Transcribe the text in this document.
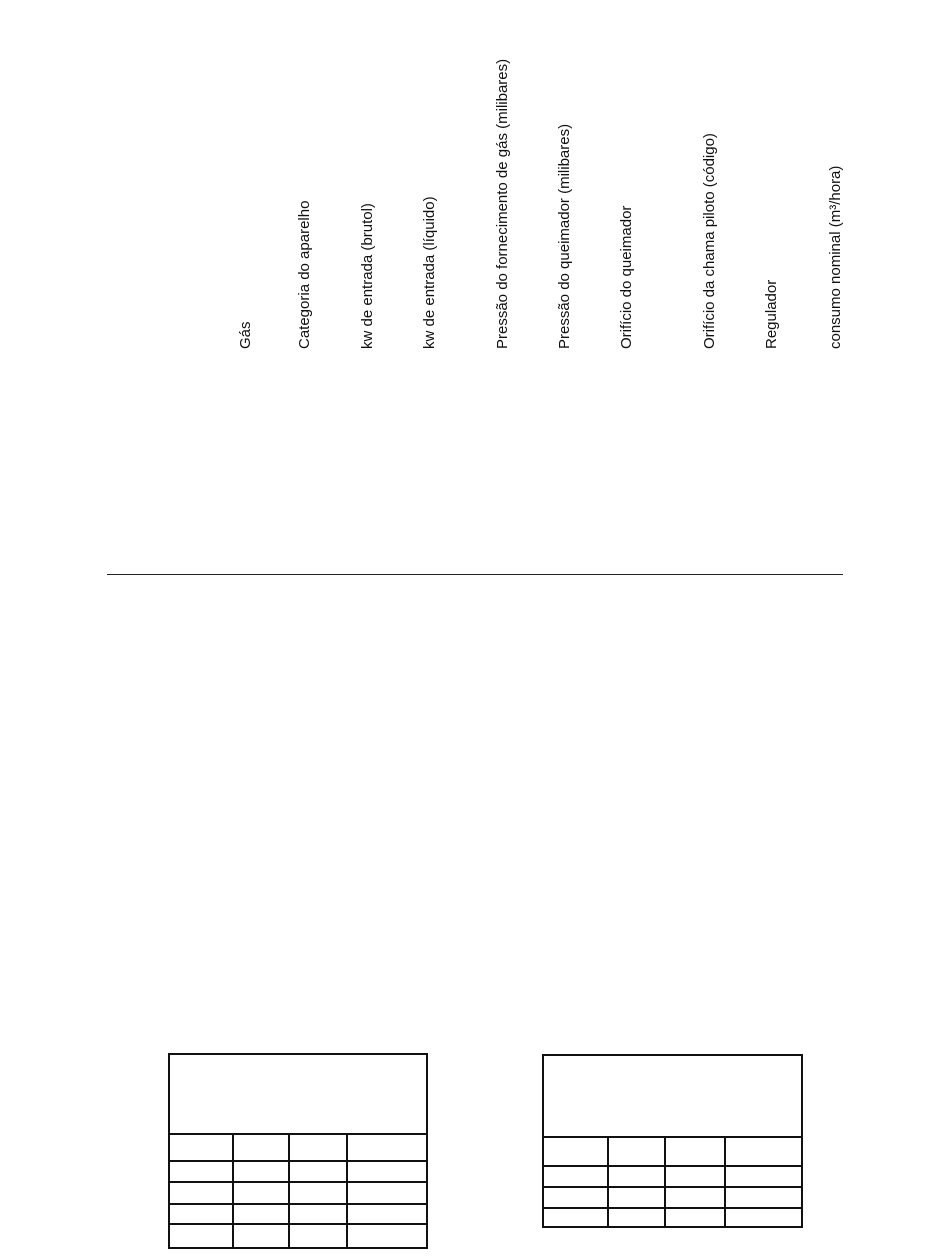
Gás	Categoria do aparelho	kw de entrada (brutol)	kw de entrada (líquido)	Pressão do fornecimento de gás (milibares)	Pressão do queimador (milibares)	Orifício do queimador	Orifício da chama piloto (código)	Regulador	consumo nominal (m³/hora)
